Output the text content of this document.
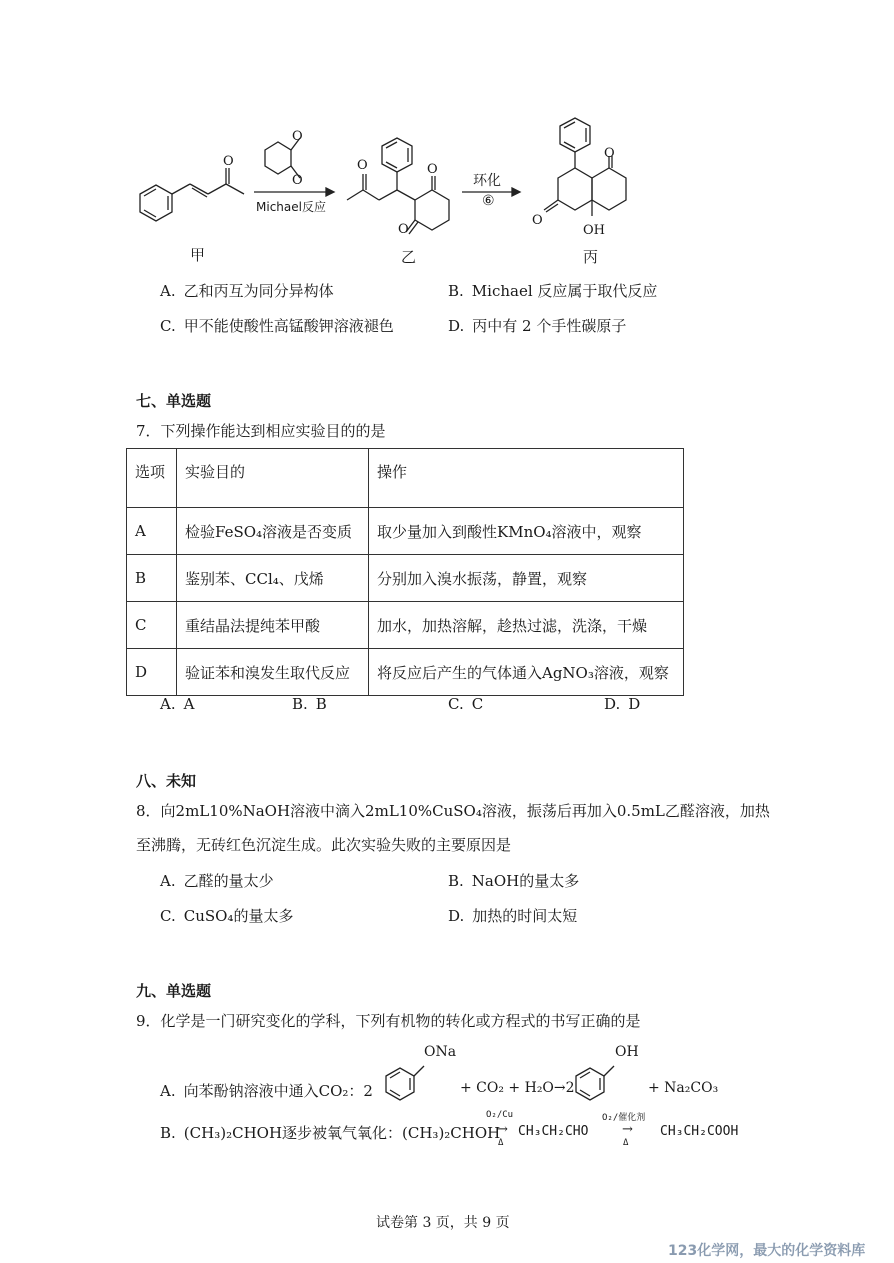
O
O
O
O	O
O
O
O
OH
Michael反应
环化
⑥
甲	乙	丙
A. 乙和丙互为同分异构体	B. Michael 反应属于取代反应
C. 甲不能使酸性高锰酸钾溶液褪色	D. 丙中有 2 个手性碳原子
七、单选题
7．下列操作能达到相应实验目的的是
选项	实验目的	操作
A	检验FeSO₄溶液是否变质	取少量加入到酸性KMnO₄溶液中，观察
B	鉴别苯、CCl₄、戊烯	分别加入溴水振荡，静置，观察
C	重结晶法提纯苯甲酸	加水，加热溶解，趁热过滤，洗涤，干燥
D	验证苯和溴发生取代反应	将反应后产生的气体通入AgNO₃溶液，观察
A. A	B. B	C. C	D. D
八、未知
8．向2mL10%NaOH溶液中滴入2mL10%CuSO₄溶液，振荡后再加入0.5mL乙醛溶液，加热
至沸腾，无砖红色沉淀生成。此次实验失败的主要原因是
A. 乙醛的量太少	B. NaOH的量太多
C. CuSO₄的量太多	D. 加热的时间太短
九、单选题
9．化学是一门研究变化的学科，下列有机物的转化或方程式的书写正确的是
A. 向苯酚钠溶液中通入CO₂：2
ONa
+ CO₂ + H₂O→2
OH
+ Na₂CO₃
B. (CH₃)₂CHOH逐步被氧气氧化：(CH₃)₂CHOH
O₂/Cu
→
Δ
CH₃CH₂CHO
O₂/催化剂
→
Δ
CH₃CH₂COOH
试卷第 3 页，共 9 页
123化学网，最大的化学资料库
